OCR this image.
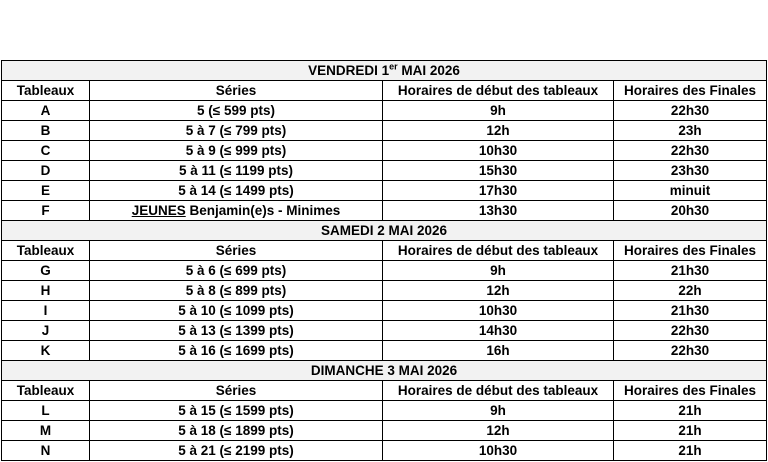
VENDREDI 1er MAI 2026			
Tableaux	Séries	Horaires de début des tableaux	Horaires des Finales
A	5 (≤ 599 pts)	9h	22h30
B	5 à 7 (≤ 799 pts)	12h	23h
C	5 à 9 (≤ 999 pts)	10h30	22h30
D	5 à 11 (≤ 1199 pts)	15h30	23h30
E	5 à 14 (≤ 1499 pts)	17h30	minuit
F	JEUNES Benjamin(e)s - Minimes	13h30	20h30
SAMEDI 2 MAI 2026			
Tableaux	Séries	Horaires de début des tableaux	Horaires des Finales
G	5 à 6 (≤ 699 pts)	9h	21h30
H	5 à 8 (≤ 899 pts)	12h	22h
I	5 à 10 (≤ 1099 pts)	10h30	21h30
J	5 à 13 (≤ 1399 pts)	14h30	22h30
K	5 à 16 (≤ 1699 pts)	16h	22h30
DIMANCHE 3 MAI 2026			
Tableaux	Séries	Horaires de début des tableaux	Horaires des Finales
L	5 à 15 (≤ 1599 pts)	9h	21h
M	5 à 18 (≤ 1899 pts)	12h	21h
N	5 à 21 (≤ 2199 pts)	10h30	21h
